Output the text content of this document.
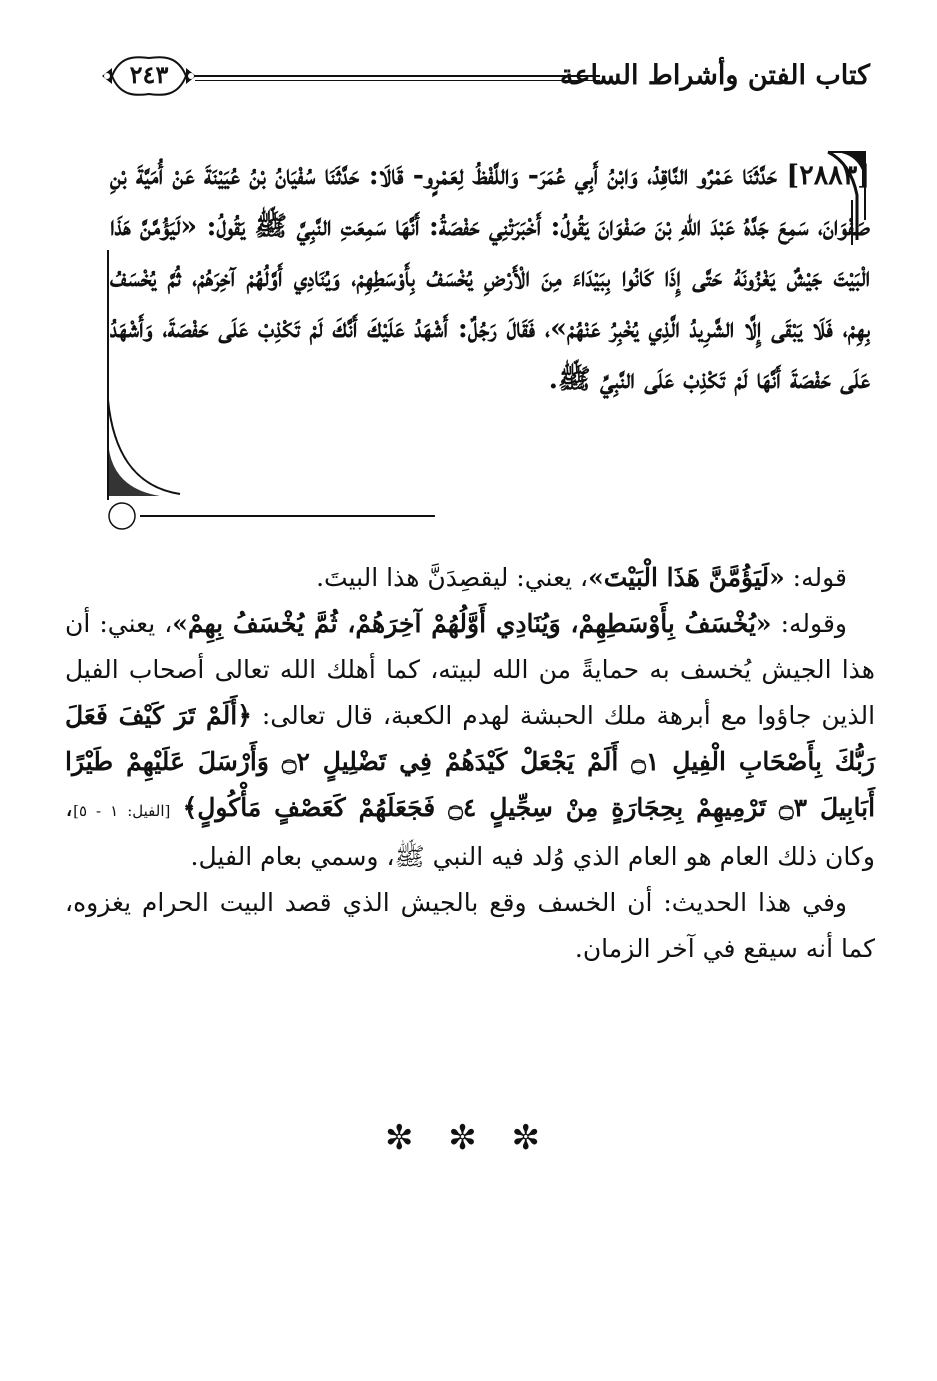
كتاب الفتن وأشراط الساعة
٢٤٣
[٢٨٨٣] حَدَّثَنَا عَمْرٌو النَّاقِدُ، وَابْنُ أَبِي عُمَرَ- وَاللَّفْظُ لِعَمْرٍو- قَالَا: حَدَّثَنَا سُفْيَانُ بْنُ عُيَيْنَةَ عَنْ أُمَيَّةَ بْنِ صَفْوَانَ، سَمِعَ جَدَّهُ عَبْدَ اللهِ بْنَ صَفْوَانَ يَقُولُ: أَخْبَرَتْنِي حَفْصَةُ: أَنَّهَا سَمِعَتِ النَّبِيَّ ﷺ يَقُولُ: «لَيَؤُمَّنَّ هَذَا الْبَيْتَ جَيْشٌ يَغْزُونَهُ حَتَّى إِذَا كَانُوا بِبَيْدَاءَ مِنَ الْأَرْضِ يُخْسَفُ بِأَوْسَطِهِمْ، وَيُنَادِي أَوَّلُهُمْ آخِرَهُمْ، ثُمَّ يُخْسَفُ بِهِمْ، فَلَا يَبْقَى إِلَّا الشَّرِيدُ الَّذِي يُخْبِرُ عَنْهُمْ»، فَقَالَ رَجُلٌ: أَشْهَدُ عَلَيْكَ أَنَّكَ لَمْ تَكْذِبْ عَلَى حَفْصَةَ، وَأَشْهَدُ عَلَى حَفْصَةَ أَنَّهَا لَمْ تَكْذِبْ عَلَى النَّبِيِّ ﷺ.

قوله: «لَيَؤُمَّنَّ هَذَا الْبَيْتَ»، يعني: ليقصِدَنَّ هذا البيتَ.

وقوله: «يُخْسَفُ بِأَوْسَطِهِمْ، وَيُنَادِي أَوَّلُهُمْ آخِرَهُمْ، ثُمَّ يُخْسَفُ بِهِمْ»، يعني: أن هذا الجيش يُخسف به حمايةً من الله لبيته، كما أهلك الله تعالى أصحاب الفيل الذين جاؤوا مع أبرهة ملك الحبشة لهدم الكعبة، قال تعالى: ﴿أَلَمْ تَرَ كَيْفَ فَعَلَ رَبُّكَ بِأَصْحَابِ الْفِيلِ ۝١ أَلَمْ يَجْعَلْ كَيْدَهُمْ فِي تَضْلِيلٍ ۝٢ وَأَرْسَلَ عَلَيْهِمْ طَيْرًا أَبَابِيلَ ۝٣ تَرْمِيهِمْ بِحِجَارَةٍ مِنْ سِجِّيلٍ ۝٤ فَجَعَلَهُمْ كَعَصْفٍ مَأْكُولٍ﴾ [الفيل: ١ - ٥]، وكان ذلك العام هو العام الذي وُلد فيه النبي ﷺ، وسمي بعام الفيل.

وفي هذا الحديث: أن الخسف وقع بالجيش الذي قصد البيت الحرام يغزوه، كما أنه سيقع في آخر الزمان.

✼ ✼ ✼
